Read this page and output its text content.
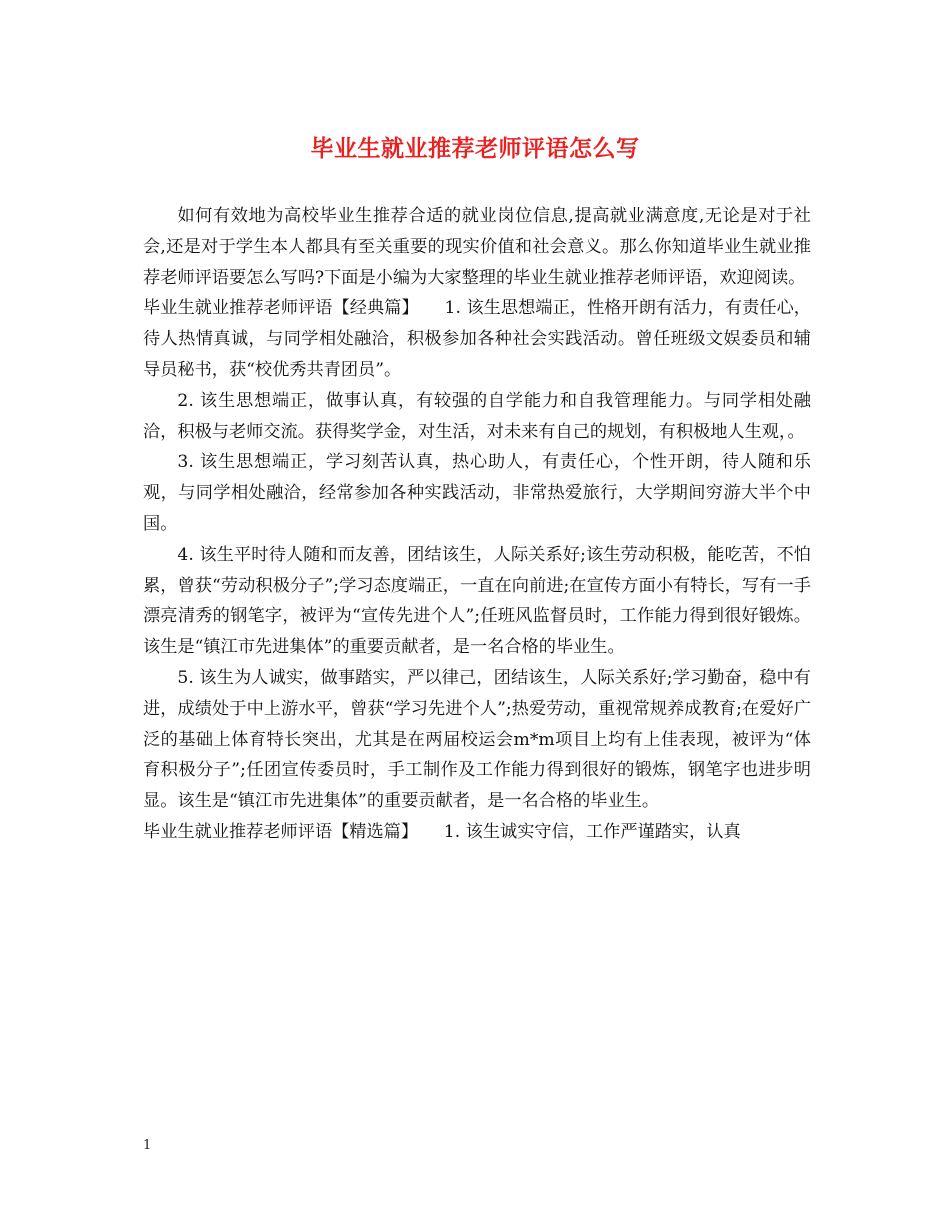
毕业生就业推荐老师评语怎么写

如何有效地为高校毕业生推荐合适的就业岗位信息,提高就业满意度,无论是对于社会,还是对于学生本人都具有至关重要的现实价值和社会意义。那么你知道毕业生就业推荐老师评语要怎么写吗?下面是小编为大家整理的毕业生就业推荐老师评语，欢迎阅读。

毕业生就业推荐老师评语【经典篇】　　1. 该生思想端正，性格开朗有活力，有责任心，待人热情真诚，与同学相处融洽，积极参加各种社会实践活动。曾任班级文娱委员和辅导员秘书，获“校优秀共青团员”。

2. 该生思想端正，做事认真，有较强的自学能力和自我管理能力。与同学相处融洽，积极与老师交流。获得奖学金，对生活，对未来有自己的规划，有积极地人生观，。

3. 该生思想端正，学习刻苦认真，热心助人，有责任心，个性开朗，待人随和乐观，与同学相处融洽，经常参加各种实践活动，非常热爱旅行，大学期间穷游大半个中国。

4. 该生平时待人随和而友善，团结该生，人际关系好;该生劳动积极，能吃苦，不怕累，曾获“劳动积极分子”;学习态度端正，一直在向前进;在宣传方面小有特长，写有一手漂亮清秀的钢笔字，被评为“宣传先进个人”;任班风监督员时，工作能力得到很好锻炼。该生是“镇江市先进集体”的重要贡献者，是一名合格的毕业生。

5. 该生为人诚实，做事踏实，严以律己，团结该生，人际关系好;学习勤奋，稳中有进，成绩处于中上游水平，曾获“学习先进个人”;热爱劳动，重视常规养成教育;在爱好广泛的基础上体育特长突出，尤其是在两届校运会m*m项目上均有上佳表现，被评为“体育积极分子”;任团宣传委员时，手工制作及工作能力得到很好的锻炼，钢笔字也进步明显。该生是“镇江市先进集体”的重要贡献者，是一名合格的毕业生。

毕业生就业推荐老师评语【精选篇】　　1. 该生诚实守信，工作严谨踏实，认真

1
